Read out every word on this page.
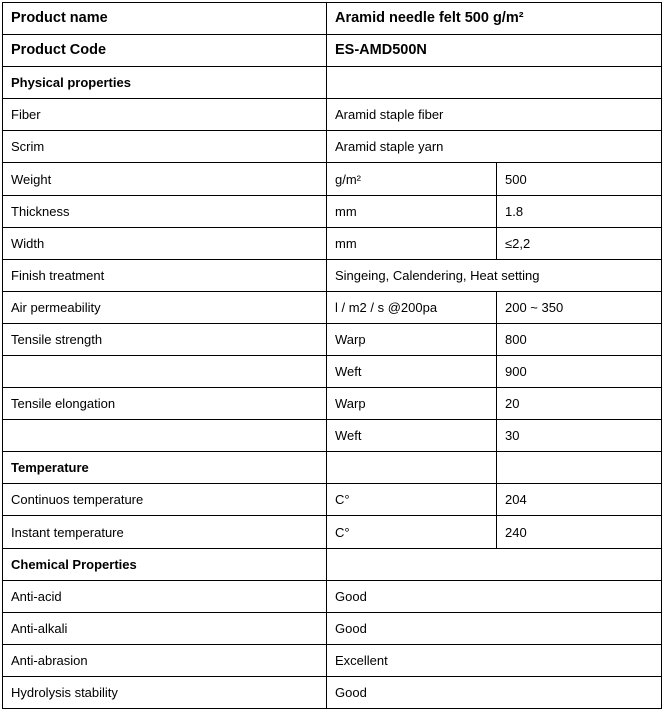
Product name	Aramid needle felt 500 g/m²	
Product Code	ES-AMD500N	
Physical properties		
Fiber	Aramid staple fiber	
Scrim	Aramid staple yarn	
Weight	g/m²	500
Thickness	mm	1.8
Width	mm	≤2,2
Finish treatment	Singeing, Calendering, Heat setting	
Air permeability	l / m2 / s @200pa	200 ~ 350
Tensile strength	Warp	800
	Weft	900
Tensile elongation	Warp	20
	Weft	30
Temperature		
Continuos temperature	C°	204
Instant temperature	C°	240
Chemical Properties		
Anti-acid	Good	
Anti-alkali	Good	
Anti-abrasion	Excellent	
Hydrolysis stability	Good	
